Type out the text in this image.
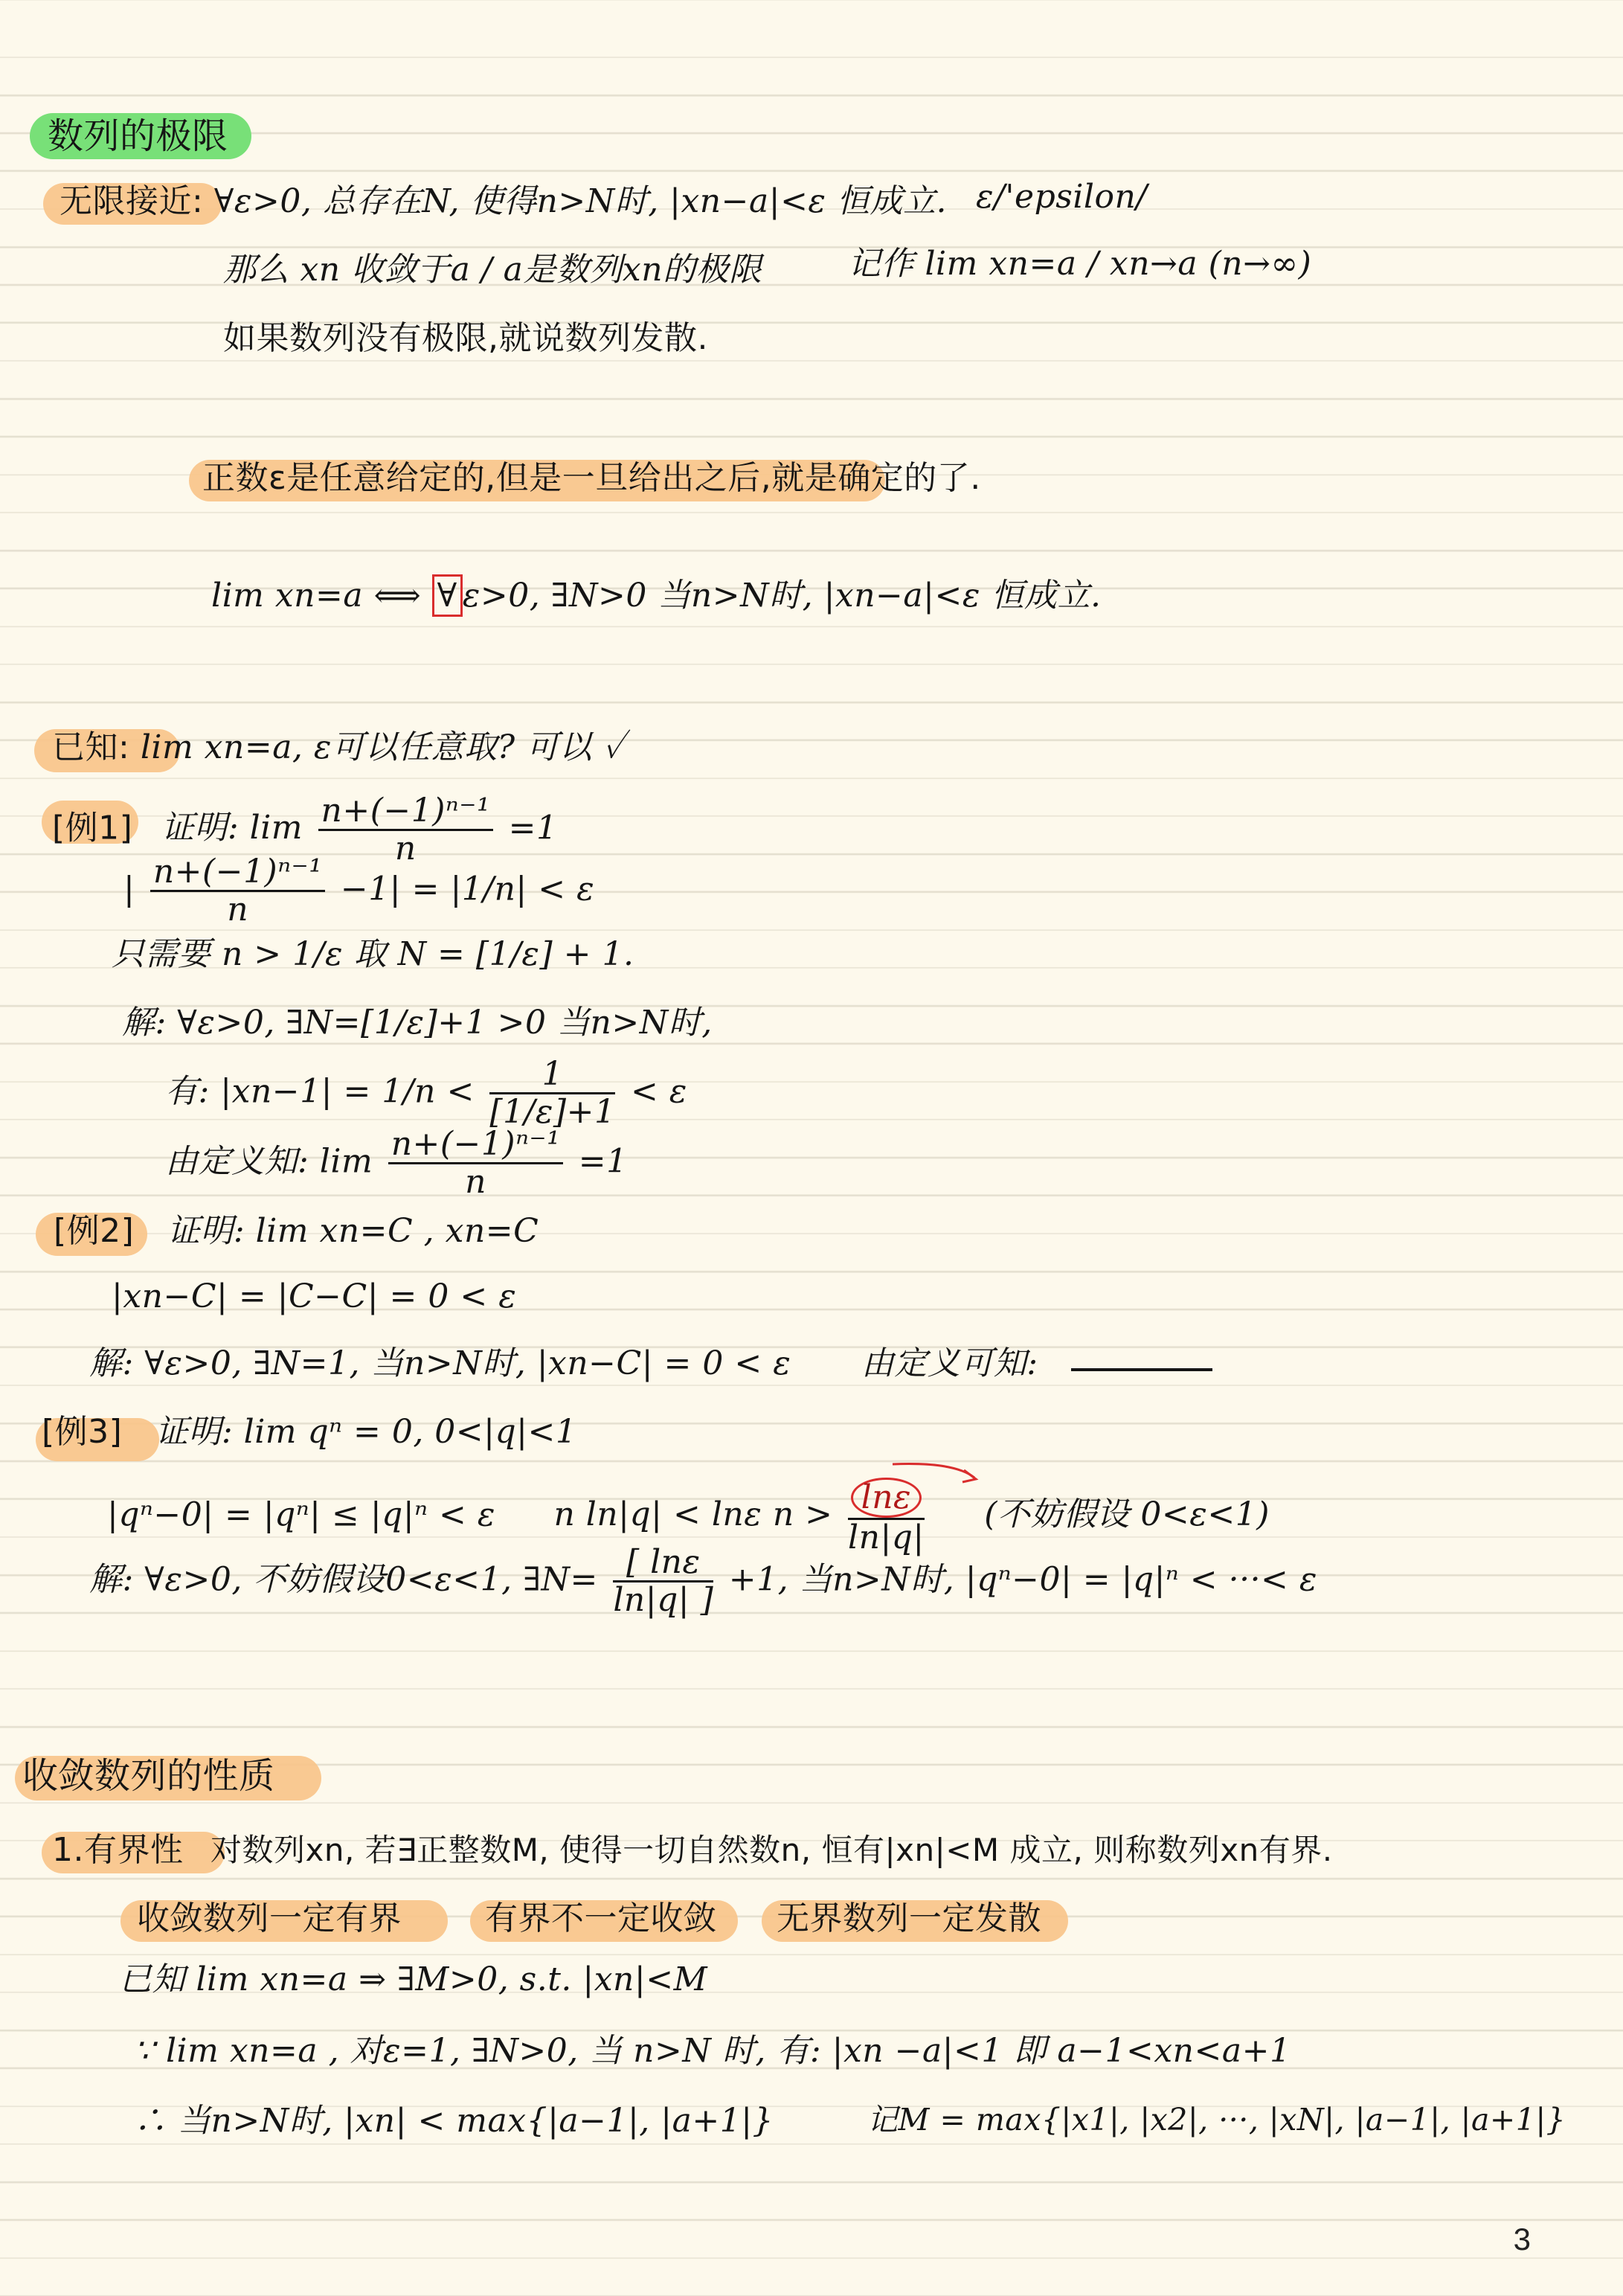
数列的极限
无限接近: ∀ε>0, 总存在N, 使得n>N时, |xn−a|<ε 恒成立. ε/'epsilon/
那么 xn 收敛于a / a是数列xn的极限	记作 lim xn=a / xn→a (n→∞)
如果数列没有极限,就说数列发散.
正数ε是任意给定的,但是一旦给出之后,就是确定的了.
lim xn=a ⟺ ∀ ε>0, ∃N>0 当n>N时, |xn−a|<ε 恒成立.
已知: lim xn=a, ε可以任意取? 可以 ✓
[例1] 证明: $\lim \frac{\text{n+(−1)ⁿ⁻¹}}{n} =1$
| $\frac{\text{n+(−1)ⁿ⁻¹}}{n} -1| = |1/n| < \varepsilon$
只需要 n > 1/ε 取 N = [1/ε] + 1.
解: ∀ε>0, ∃N=[1/ε]+1 >0 当n>N时,
有: $|xn-1| = 1/n < \frac{1}{[1/\varepsilon]+1} < \varepsilon$
由定义知: $\lim \frac{\text{n+(−1)ⁿ⁻¹}}{n} =1$
[例2] 证明: lim xn=C , xn=C
|xn−C| = |C−C| = 0 < ε
解: ∀ε>0, ∃N=1, 当n>N时, |xn−C| = 0 < ε 由定义可知:
[例3] 证明: lim qⁿ = 0, 0<|q|<1
|qⁿ−0| = |qⁿ| ≤ |q|ⁿ < ε n ln|q| < lnε $n > \frac{\ln\varepsilon}{\ln|q|}$ (不妨假设 0<ε<1)
解: ∀ε>0, 不妨假设0<ε<1, ∃N= $\frac{[ \ln\varepsilon}{\ln|q| ]} +1$, 当n>N时, |qⁿ−0| = |q|ⁿ < ···< ε
收敛数列的性质
1.有界性 对数列xn, 若∃正整数M, 使得一切自然数n, 恒有|xn|<M 成立, 则称数列xn有界.
收敛数列一定有界	有界不一定收敛 无界数列一定发散
已知 lim xn=a ⇒ ∃M>0, s.t. |xn|<M
∵ lim xn=a , 对ε=1, ∃N>0, 当 n>N 时, 有: |xn −a|<1 即 a−1<xn<a+1
∴ 当n>N时, |xn| < max{|a−1|, |a+1|}	记M = max{|x1|, |x2|, ···, |xN|, |a−1|, |a+1|}
3
